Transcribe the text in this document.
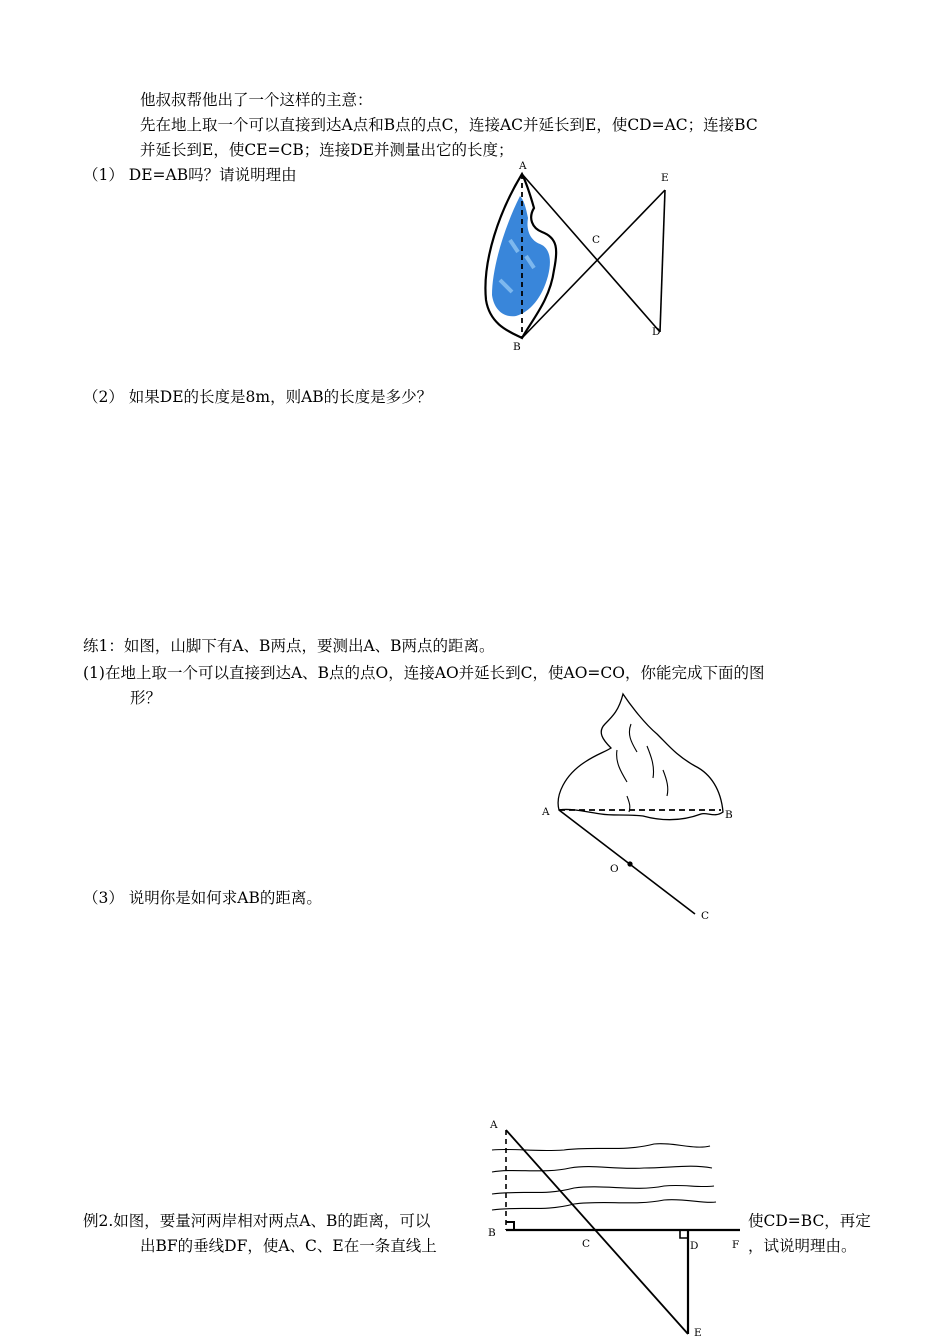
他叔叔帮他出了一个这样的主意：
先在地上取一个可以直接到达A点和B点的点C，连接AC并延长到E，使CD=AC；连接BC
并延长到E，使CE=CB；连接DE并测量出它的长度；
（1） DE=AB吗？请说明理由
（2） 如果DE的长度是8m，则AB的长度是多少？
练1：如图，山脚下有A、B两点，要测出A、B两点的距离。
(1)在地上取一个可以直接到达A、B点的点O，连接AO并延长到C，使AO=CO，你能完成下面的图
形？
（3） 说明你是如何求AB的距离。
例2.如图，要量河两岸相对两点A、B的距离，可以	使CD=BC，再定
出BF的垂线DF，使A、C、E在一条直线上	，试说明理由。
A
B
C
D
E
A	B
O
C
A
B
C	D	F
E
